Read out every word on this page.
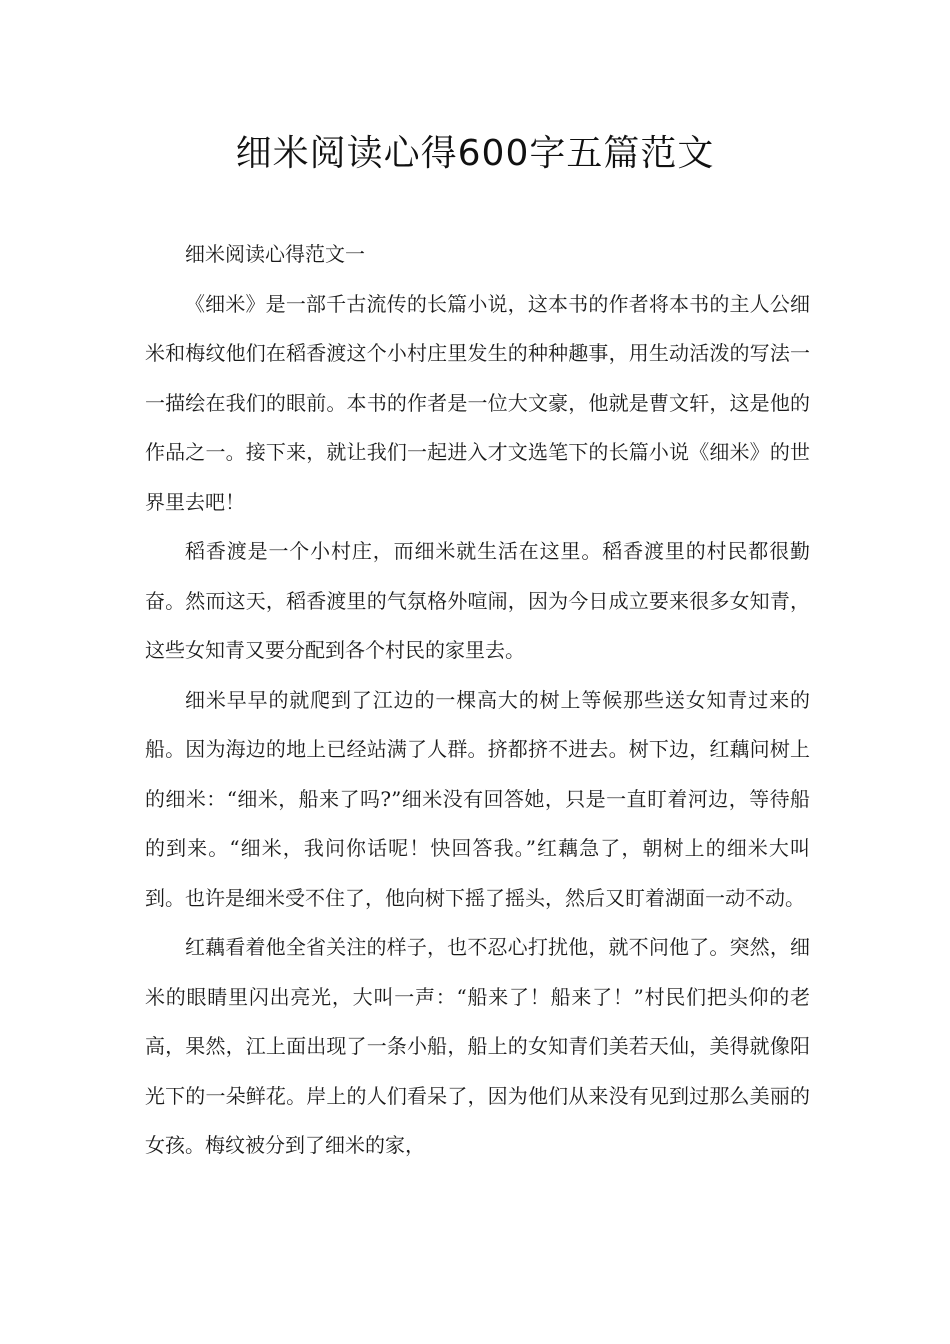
细米阅读心得600字五篇范文

细米阅读心得范文一

《细米》是一部千古流传的长篇小说，这本书的作者将本书的主人公细米和梅纹他们在稻香渡这个小村庄里发生的种种趣事，用生动活泼的写法一一描绘在我们的眼前。本书的作者是一位大文豪，他就是曹文轩，这是他的作品之一。接下来，就让我们一起进入才文选笔下的长篇小说《细米》的世界里去吧！

稻香渡是一个小村庄，而细米就生活在这里。稻香渡里的村民都很勤奋。然而这天，稻香渡里的气氛格外喧闹，因为今日成立要来很多女知青，这些女知青又要分配到各个村民的家里去。

细米早早的就爬到了江边的一棵高大的树上等候那些送女知青过来的船。因为海边的地上已经站满了人群。挤都挤不进去。树下边，红藕问树上的细米：“细米，船来了吗?”细米没有回答她，只是一直盯着河边，等待船的到来。“细米，我问你话呢！快回答我。”红藕急了，朝树上的细米大叫到。也许是细米受不住了，他向树下摇了摇头，然后又盯着湖面一动不动。

红藕看着他全省关注的样子，也不忍心打扰他，就不问他了。突然，细米的眼睛里闪出亮光，大叫一声：“船来了！船来了！”村民们把头仰的老高，果然，江上面出现了一条小船，船上的女知青们美若天仙，美得就像阳光下的一朵鲜花。岸上的人们看呆了，因为他们从来没有见到过那么美丽的女孩。梅纹被分到了细米的家，
